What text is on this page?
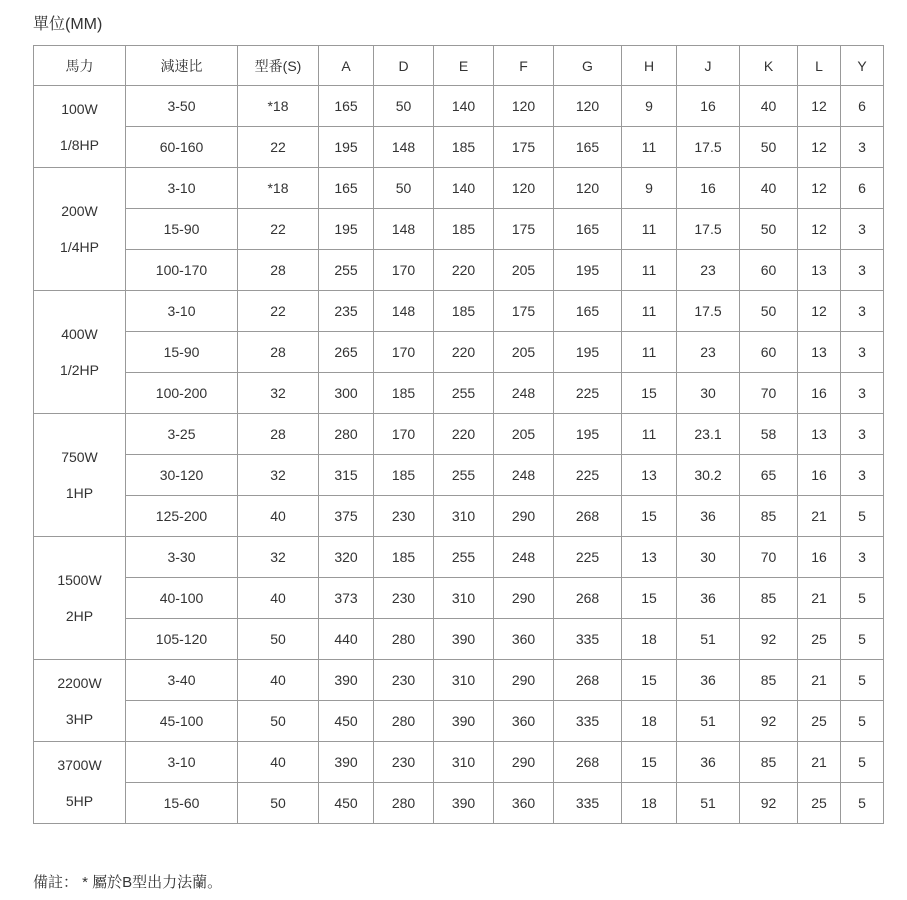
單位(MM)
馬力	減速比	型番(S)	A	D	E	F	G	H	J	K	L	Y

100W
1/8HP	3-50	*18	165	50	140	120	120	9	16	40	12	6
	60-160	22	195	148	185	175	165	11	17.5	50	12	3

200W
1/4HP	3-10	*18	165	50	140	120	120	9	16	40	12	6
	15-90	22	195	148	185	175	165	11	17.5	50	12	3
	100-170	28	255	170	220	205	195	11	23	60	13	3

400W
1/2HP	3-10	22	235	148	185	175	165	11	17.5	50	12	3
	15-90	28	265	170	220	205	195	11	23	60	13	3
	100-200	32	300	185	255	248	225	15	30	70	16	3

750W
1HP	3-25	28	280	170	220	205	195	11	23.1	58	13	3
	30-120	32	315	185	255	248	225	13	30.2	65	16	3
	125-200	40	375	230	310	290	268	15	36	85	21	5

1500W
2HP	3-30	32	320	185	255	248	225	13	30	70	16	3
	40-100	40	373	230	310	290	268	15	36	85	21	5
	105-120	50	440	280	390	360	335	18	51	92	25	5

2200W
3HP	3-40	40	390	230	310	290	268	15	36	85	21	5
	45-100	50	450	280	390	360	335	18	51	92	25	5

3700W
5HP	3-10	40	390	230	310	290	268	15	36	85	21	5
	15-60	50	450	280	390	360	335	18	51	92	25	5
備註： * 屬於B型出力法蘭。
